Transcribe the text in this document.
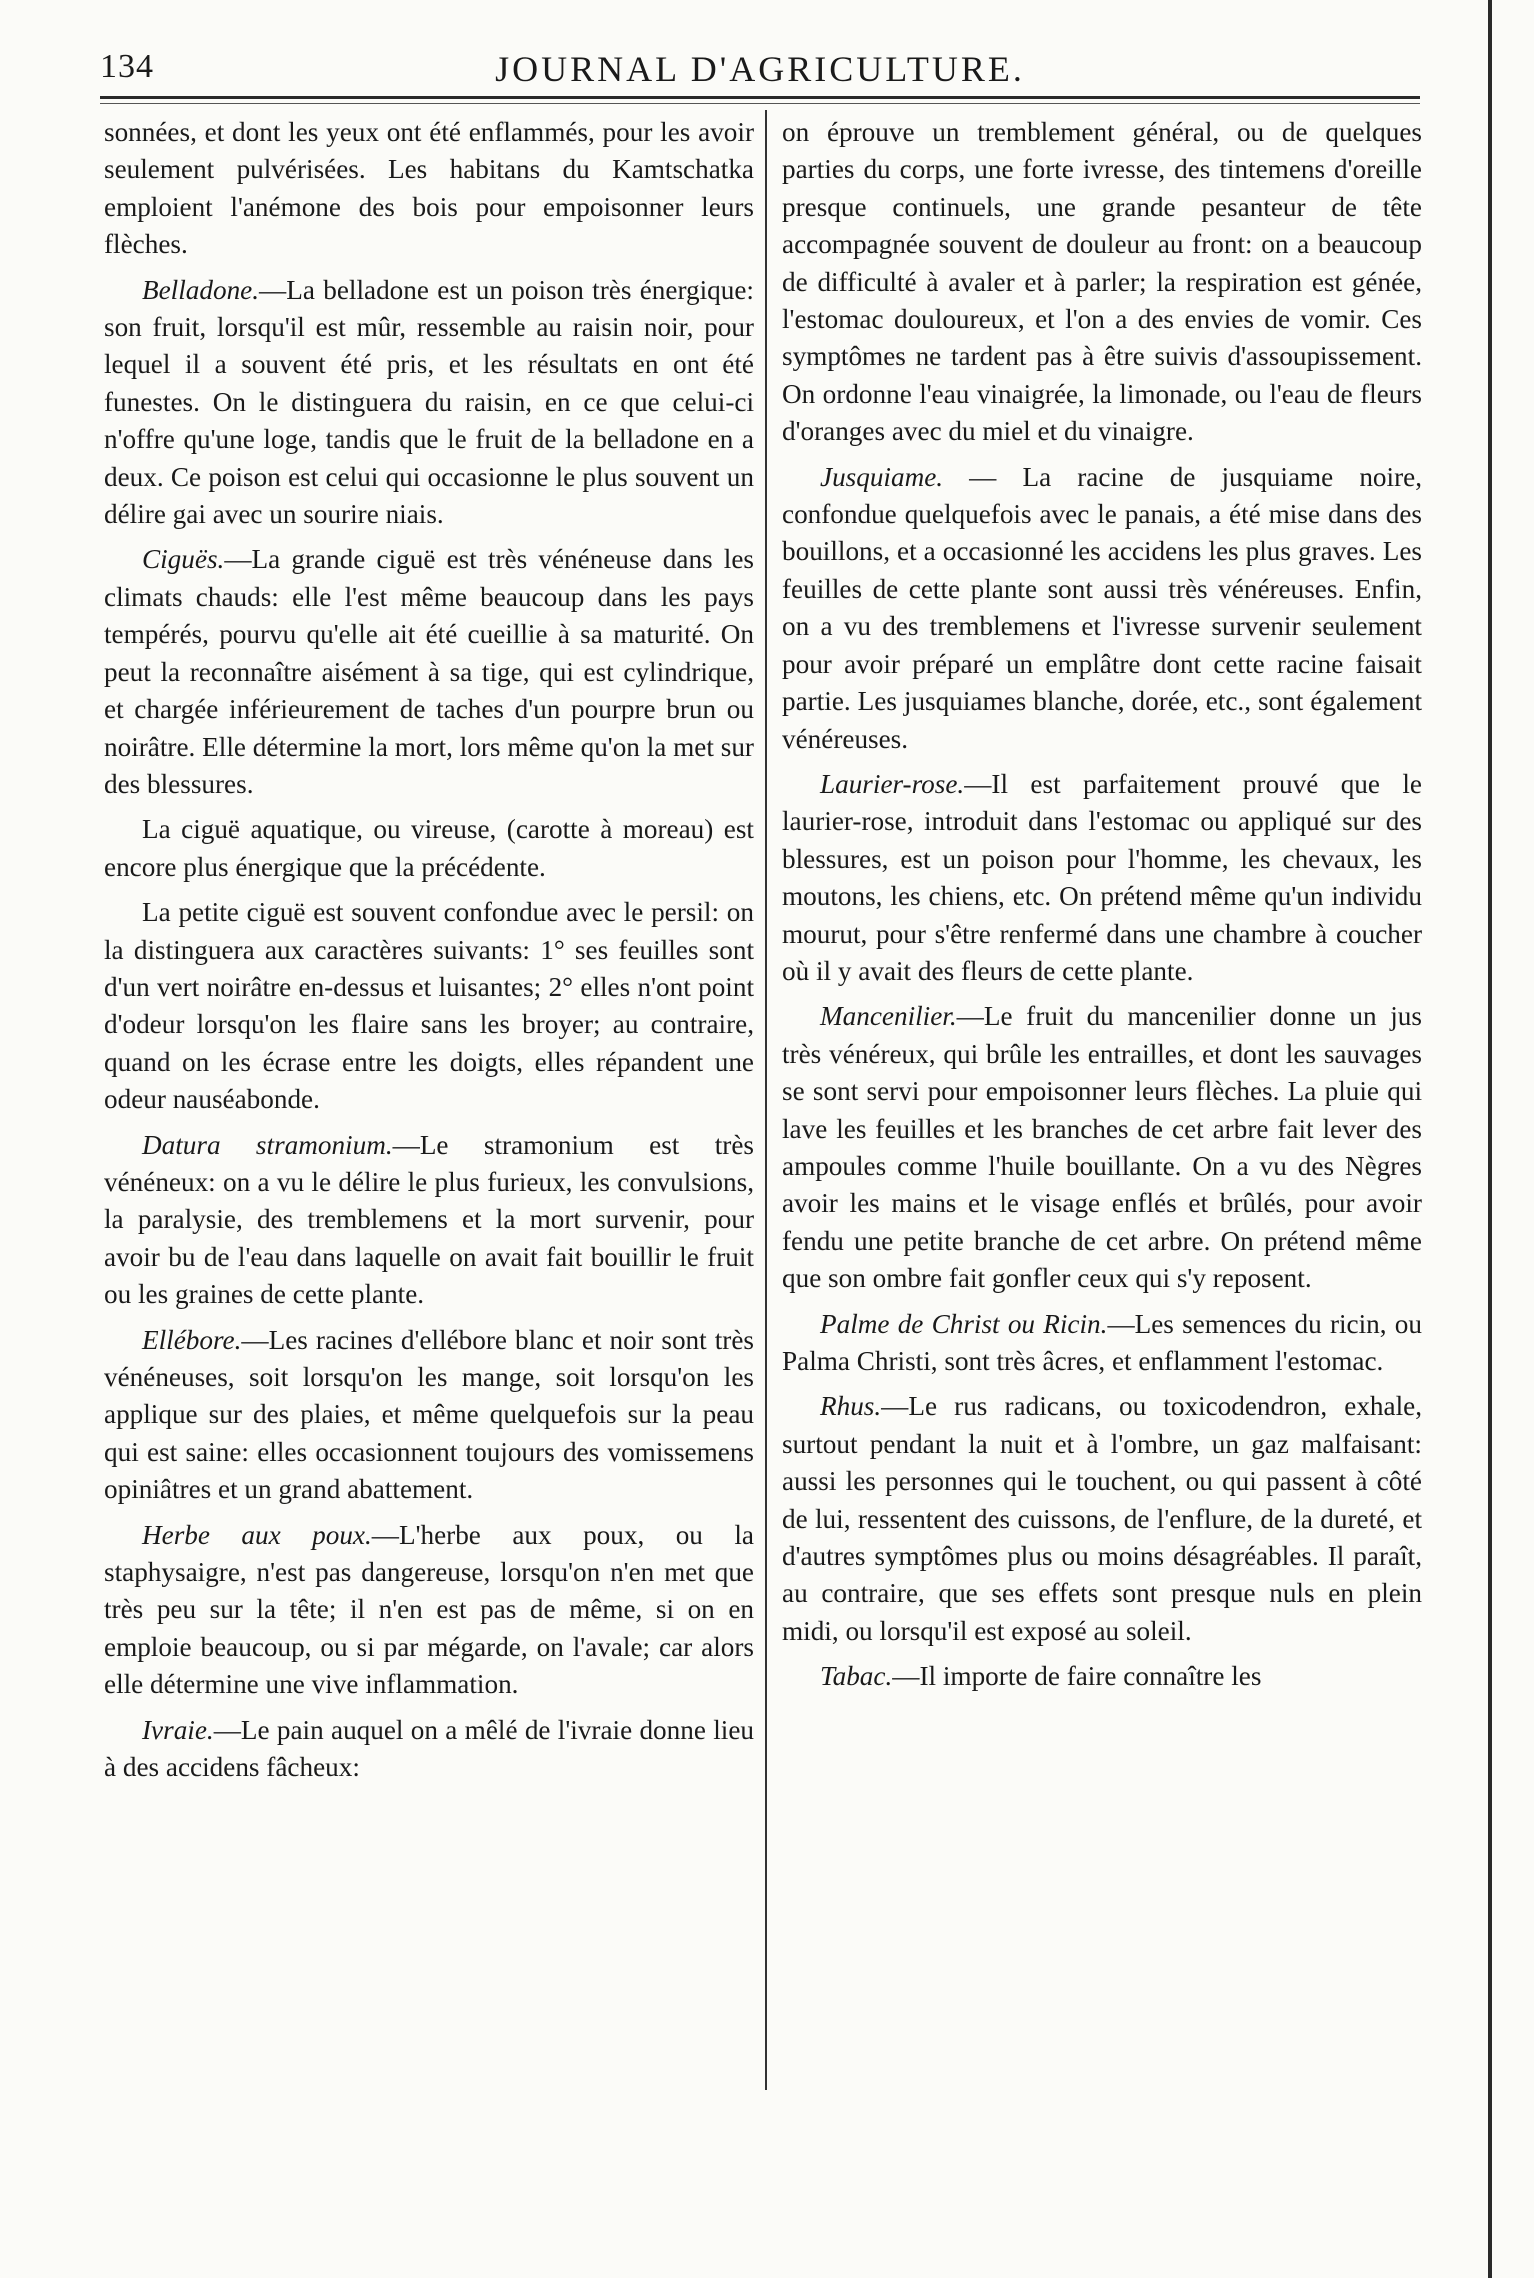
134	JOURNAL D'AGRICULTURE.

sonnées, et dont les yeux ont été enflammés, pour les avoir seulement pulvérisées. Les habitans du Kamtschatka emploient l'anémone des bois pour empoisonner leurs flèches.

Belladone.—La belladone est un poison très énergique: son fruit, lorsqu'il est mûr, ressemble au raisin noir, pour lequel il a souvent été pris, et les résultats en ont été funestes. On le distinguera du raisin, en ce que celui-ci n'offre qu'une loge, tandis que le fruit de la belladone en a deux. Ce poison est celui qui occasionne le plus souvent un délire gai avec un sourire niais.

Ciguës.—La grande ciguë est très vénéneuse dans les climats chauds: elle l'est même beaucoup dans les pays tempérés, pourvu qu'elle ait été cueillie à sa maturité. On peut la reconnaître aisément à sa tige, qui est cylindrique, et chargée inférieurement de taches d'un pourpre brun ou noirâtre. Elle détermine la mort, lors même qu'on la met sur des blessures.

La ciguë aquatique, ou vireuse, (carotte à moreau) est encore plus énergique que la précédente.

La petite ciguë est souvent confondue avec le persil: on la distinguera aux caractères suivants: 1° ses feuilles sont d'un vert noirâtre en-dessus et luisantes; 2° elles n'ont point d'odeur lorsqu'on les flaire sans les broyer; au contraire, quand on les écrase entre les doigts, elles répandent une odeur nauséabonde.

Datura stramonium.—Le stramonium est très vénéneux: on a vu le délire le plus furieux, les convulsions, la paralysie, des tremblemens et la mort survenir, pour avoir bu de l'eau dans laquelle on avait fait bouillir le fruit ou les graines de cette plante.

Ellébore.—Les racines d'ellébore blanc et noir sont très vénéneuses, soit lorsqu'on les mange, soit lorsqu'on les applique sur des plaies, et même quelquefois sur la peau qui est saine: elles occasionnent toujours des vomissemens opiniâtres et un grand abattement.

Herbe aux poux.—L'herbe aux poux, ou la staphysaigre, n'est pas dangereuse, lorsqu'on n'en met que très peu sur la tête; il n'en est pas de même, si on en emploie beaucoup, ou si par mégarde, on l'avale; car alors elle détermine une vive inflammation.

Ivraie.—Le pain auquel on a mêlé de l'ivraie donne lieu à des accidens fâcheux:

on éprouve un tremblement général, ou de quelques parties du corps, une forte ivresse, des tintemens d'oreille presque continuels, une grande pesanteur de tête accompagnée souvent de douleur au front: on a beaucoup de difficulté à avaler et à parler; la respiration est génée, l'estomac douloureux, et l'on a des envies de vomir. Ces symptômes ne tardent pas à être suivis d'assoupissement. On ordonne l'eau vinaigrée, la limonade, ou l'eau de fleurs d'oranges avec du miel et du vinaigre.

Jusquiame. — La racine de jusquiame noire, confondue quelquefois avec le panais, a été mise dans des bouillons, et a occasionné les accidens les plus graves. Les feuilles de cette plante sont aussi très vénéreuses. Enfin, on a vu des tremblemens et l'ivresse survenir seulement pour avoir préparé un emplâtre dont cette racine faisait partie. Les jusquiames blanche, dorée, etc., sont également vénéreuses.

Laurier-rose.—Il est parfaitement prouvé que le laurier-rose, introduit dans l'estomac ou appliqué sur des blessures, est un poison pour l'homme, les chevaux, les moutons, les chiens, etc. On prétend même qu'un individu mourut, pour s'être renfermé dans une chambre à coucher où il y avait des fleurs de cette plante.

Mancenilier.—Le fruit du mancenilier donne un jus très vénéreux, qui brûle les entrailles, et dont les sauvages se sont servi pour empoisonner leurs flèches. La pluie qui lave les feuilles et les branches de cet arbre fait lever des ampoules comme l'huile bouillante. On a vu des Nègres avoir les mains et le visage enflés et brûlés, pour avoir fendu une petite branche de cet arbre. On prétend même que son ombre fait gonfler ceux qui s'y reposent.

Palme de Christ ou Ricin.—Les semences du ricin, ou Palma Christi, sont très âcres, et enflamment l'estomac.

Rhus.—Le rus radicans, ou toxicodendron, exhale, surtout pendant la nuit et à l'ombre, un gaz malfaisant: aussi les personnes qui le touchent, ou qui passent à côté de lui, ressentent des cuissons, de l'enflure, de la dureté, et d'autres symptômes plus ou moins désagréables. Il paraît, au contraire, que ses effets sont presque nuls en plein midi, ou lorsqu'il est exposé au soleil.

Tabac.—Il importe de faire connaître les
